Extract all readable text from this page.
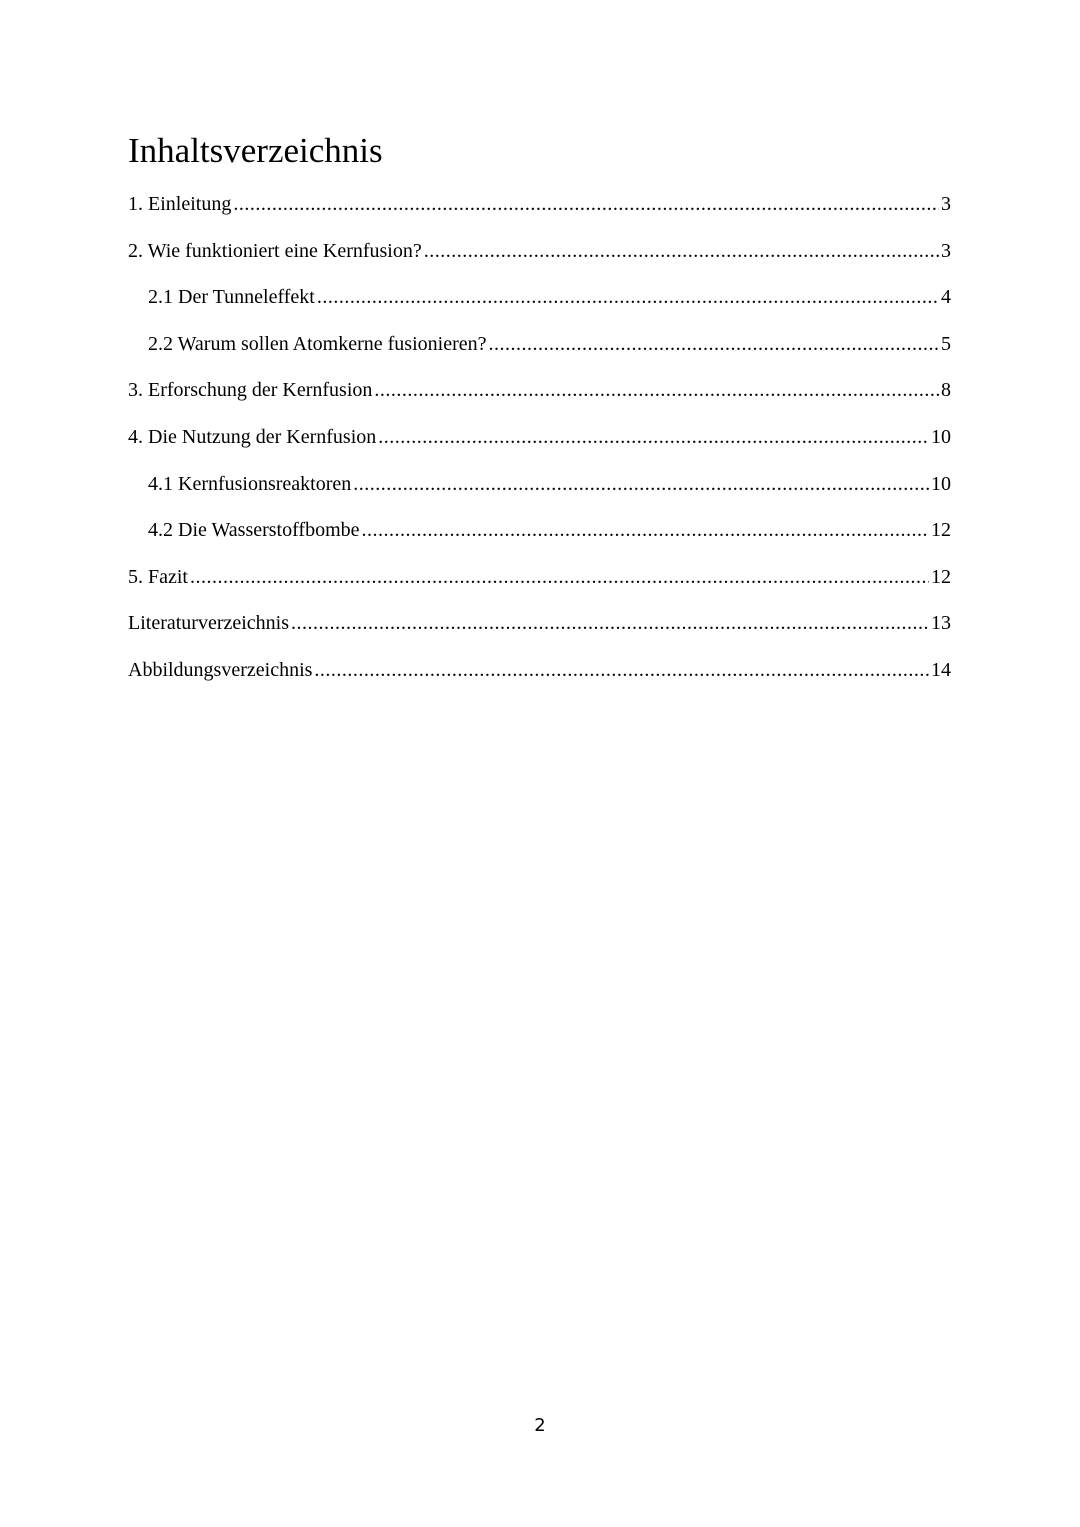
Inhaltsverzeichnis
1. Einleitung .....	3
2. Wie funktioniert eine Kernfusion? .....	3
2.1 Der Tunneleffekt .....	4
2.2 Warum sollen Atomkerne fusionieren? .....	5
3. Erforschung der Kernfusion .....	8
4. Die Nutzung der Kernfusion .....	10
4.1 Kernfusionsreaktoren .....	10
4.2 Die Wasserstoffbombe .....	12
5. Fazit .....	12
Literaturverzeichnis .....	13
Abbildungsverzeichnis .....	14
2
